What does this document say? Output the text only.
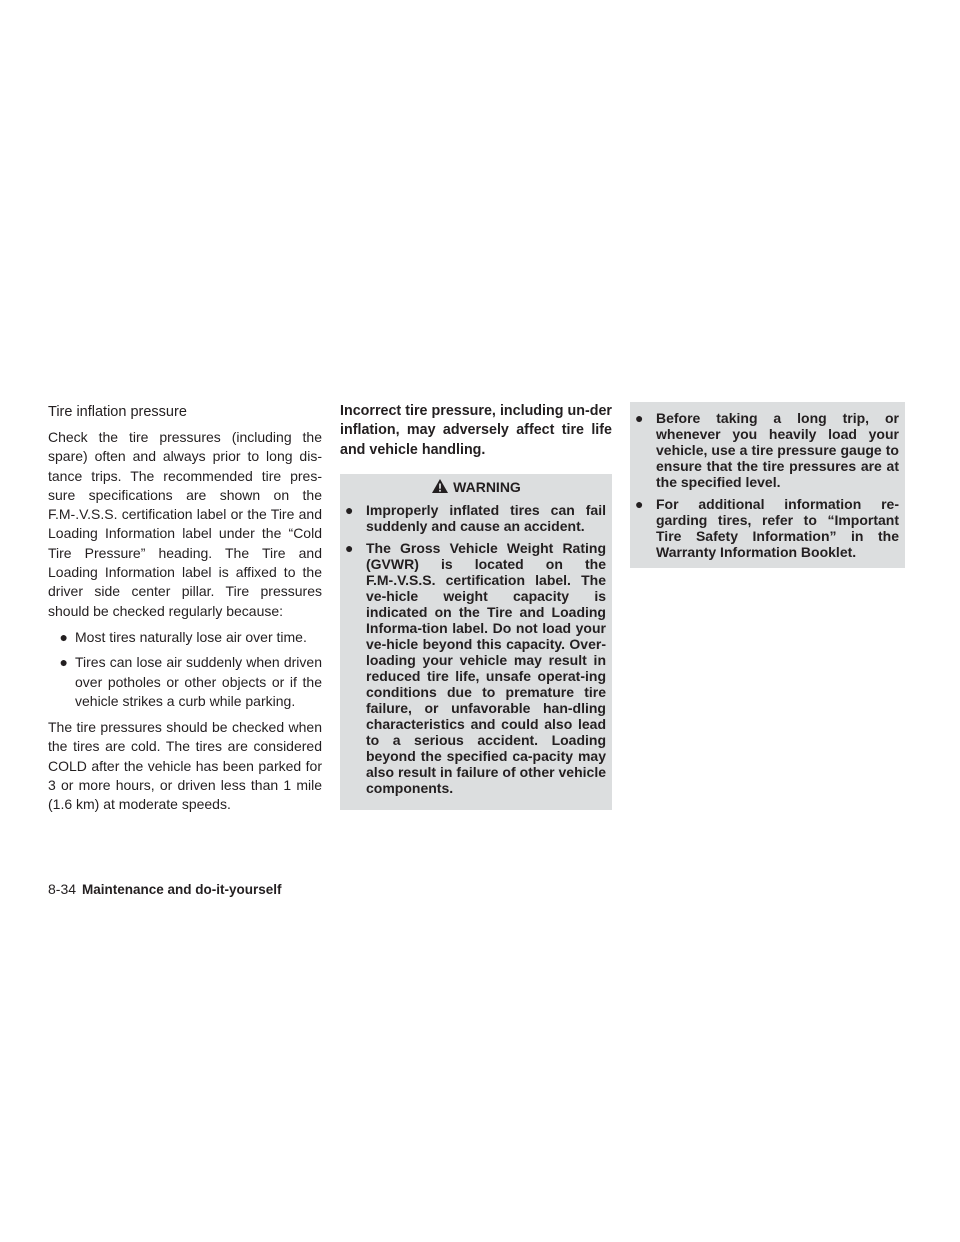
Tire inflation pressure

Check the tire pressures (including the spare) often and always prior to long dis-tance trips. The recommended tire pres-sure specifications are shown on the F.M-.V.S.S. certification label or the Tire and Loading Information label under the “Cold Tire Pressure” heading. The Tire and Loading Information label is affixed to the driver side center pillar. Tire pressures should be checked regularly because:

● Most tires naturally lose air over time.
● Tires can lose air suddenly when driven over potholes or other objects or if the vehicle strikes a curb while parking.

The tire pressures should be checked when the tires are cold. The tires are considered COLD after the vehicle has been parked for 3 or more hours, or driven less than 1 mile (1.6 km) at moderate speeds.

Incorrect tire pressure, including un-der inflation, may adversely affect tire life and vehicle handling.

WARNING
● Improperly inflated tires can fail suddenly and cause an accident.
● The Gross Vehicle Weight Rating (GVWR) is located on the F.M-.V.S.S. certification label. The ve-hicle weight capacity is indicated on the Tire and Loading Informa-tion label. Do not load your ve-hicle beyond this capacity. Over-loading your vehicle may result in reduced tire life, unsafe operat-ing conditions due to premature tire failure, or unfavorable han-dling characteristics and could also lead to a serious accident. Loading beyond the specified ca-pacity may also result in failure of other vehicle components.
● Before taking a long trip, or whenever you heavily load your vehicle, use a tire pressure gauge to ensure that the tire pressures are at the specified level.
● For additional information re-garding tires, refer to “Important Tire Safety Information” in the Warranty Information Booklet.
8-34 Maintenance and do-it-yourself
